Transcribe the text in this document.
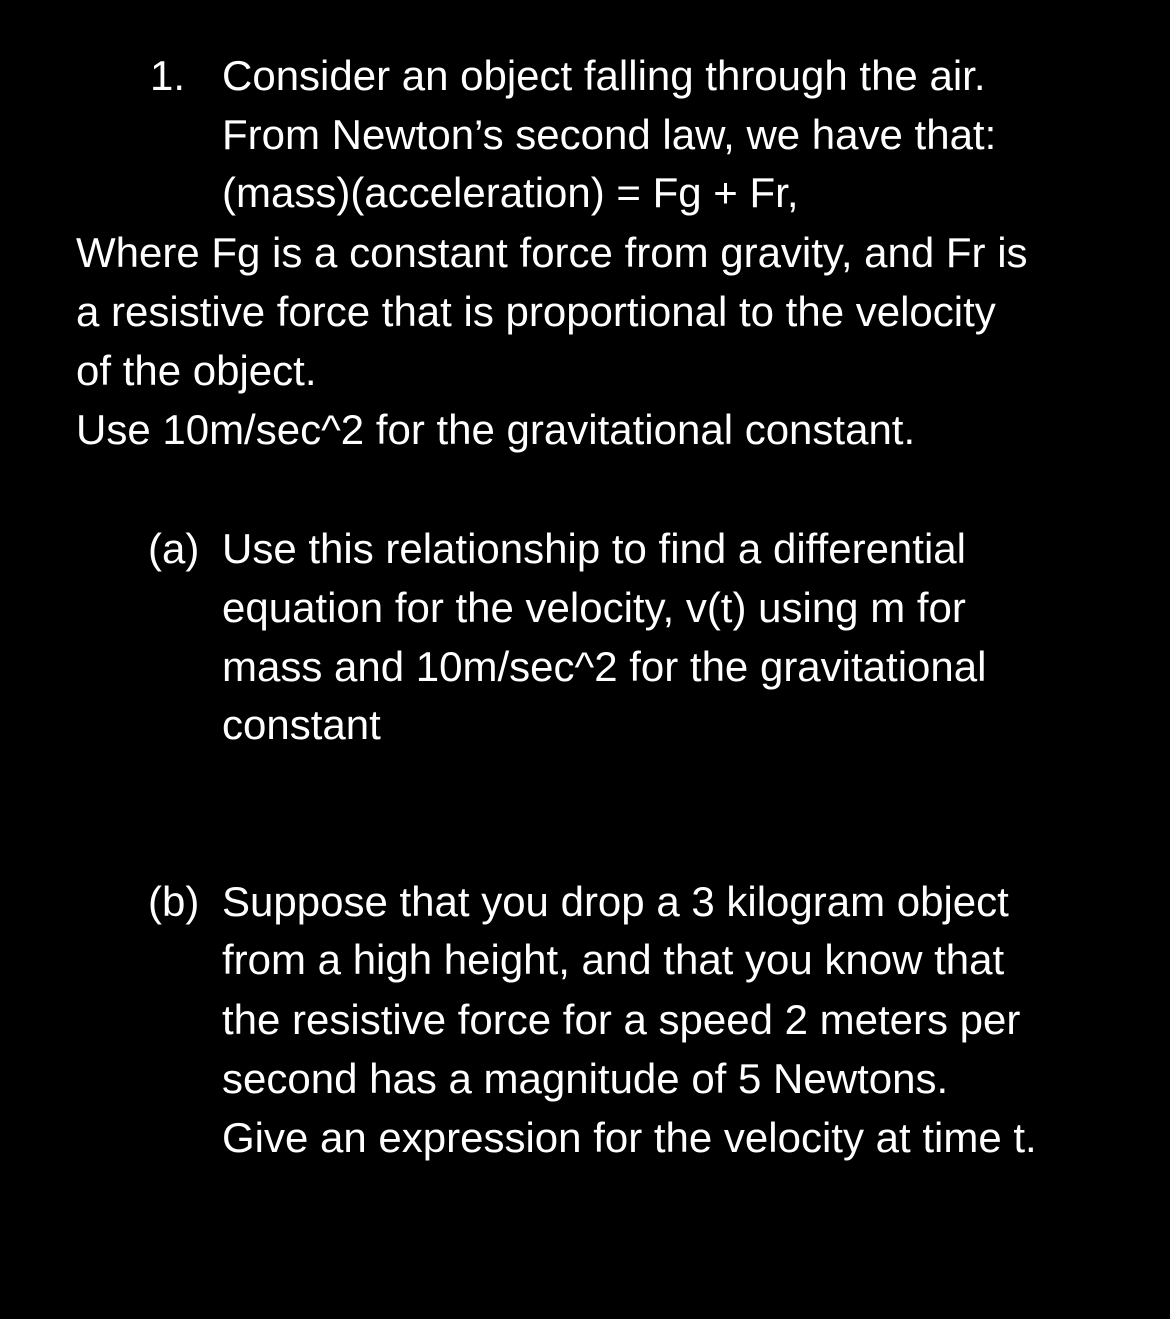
1. Consider an object falling through the air.
From Newton’s second law, we have that:
(mass)(acceleration) = Fg + Fr,
Where Fg is a constant force from gravity, and Fr is
a resistive force that is proportional to the velocity
of the object.
Use 10m/sec^2 for the gravitational constant.
(a) Use this relationship to find a differential
equation for the velocity, v(t) using m for
mass and 10m/sec^2 for the gravitational
constant
(b) Suppose that you drop a 3 kilogram object
from a high height, and that you know that
the resistive force for a speed 2 meters per
second has a magnitude of 5 Newtons.
Give an expression for the velocity at time t.
